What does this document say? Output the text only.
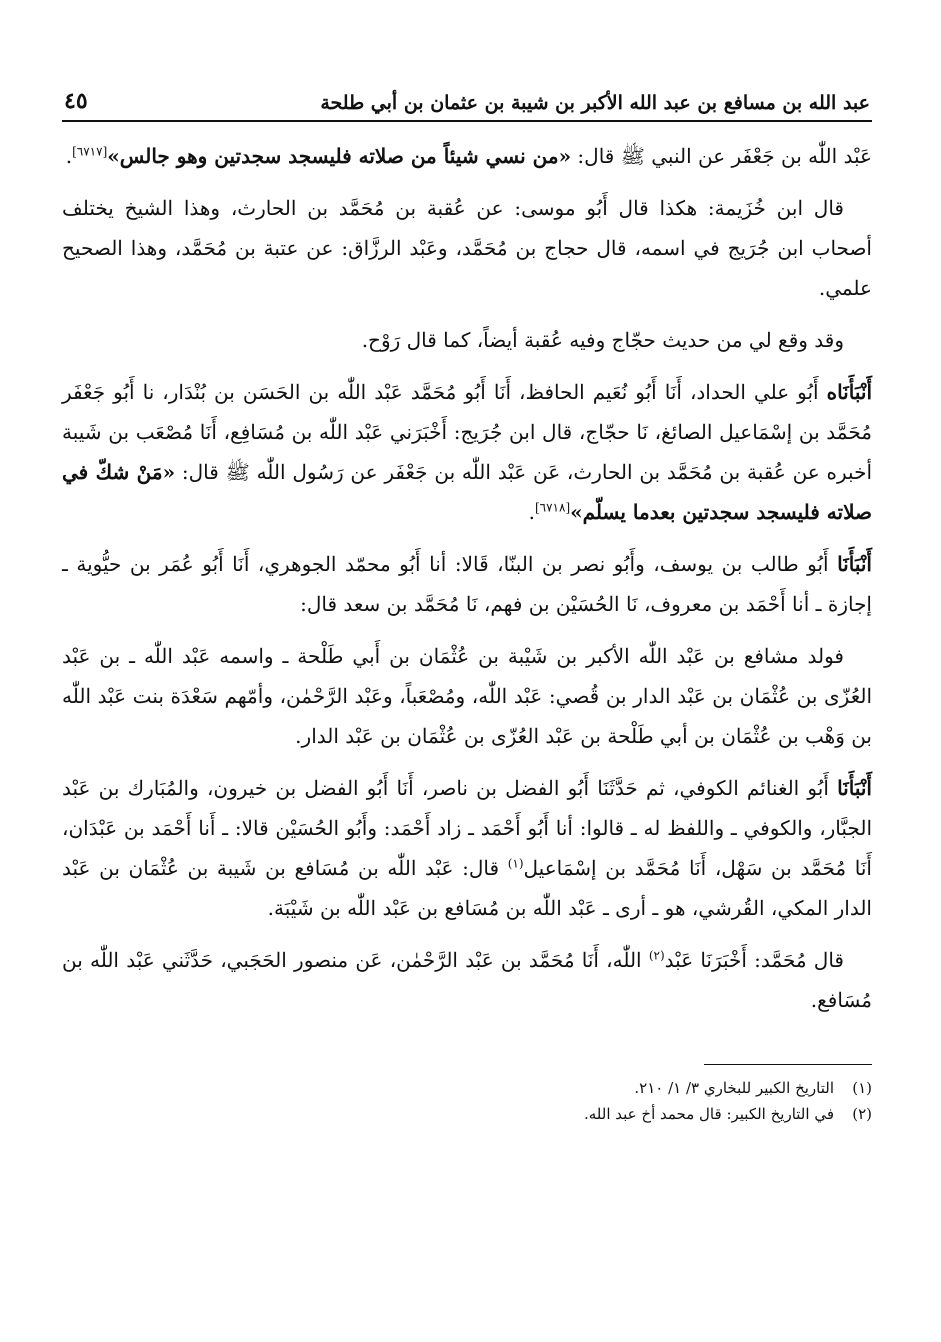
عبد الله بن مسافع بن عبد الله الأكبر بن شيبة بن عثمان بن أبي طلحة
٤٥

عَبْد اللّٰه بن جَعْفَر عن النبي ﷺ قال: «من نسي شيئاً من صلاته فليسجد سجدتين وهو جالس»[٦٧١٧].

قال ابن خُزَيمة: هكذا قال أَبُو موسى: عن عُقبة بن مُحَمَّد بن الحارث، وهذا الشيخ يختلف أصحاب ابن جُرَيج في اسمه، قال حجاج بن مُحَمَّد، وعَبْد الرزَّاق: عن عتبة بن مُحَمَّد، وهذا الصحيح علمي.

وقد وقع لي من حديث حجّاج وفيه عُقبة أيضاً، كما قال رَوْح.

أَنْبَأَنَاه أَبُو علي الحداد، أَنَا أَبُو نُعَيم الحافظ، أَنَا أَبُو مُحَمَّد عَبْد اللّٰه بن الحَسَن بن بُنْدَار، نا أَبُو جَعْفَر مُحَمَّد بن إسْمَاعيل الصائغ، نَا حجّاج، قال ابن جُرَيج: أَخْبَرَني عَبْد اللّٰه بن مُسَافِع، أَنَا مُصْعَب بن شَيبة أخبره عن عُقبة بن مُحَمَّد بن الحارث، عَن عَبْد اللّٰه بن جَعْفَر عن رَسُول اللّٰه ﷺ قال: «مَنْ شكّ في صلاته فليسجد سجدتين بعدما يسلّم»[٦٧١٨].

أَنْبَأَنَا أَبُو طالب بن يوسف، وأَبُو نصر بن البنّا، قَالا: أنا أَبُو محمّد الجوهري، أَنَا أَبُو عُمَر بن حيُّوية ـ إجازة ـ أنا أَحْمَد بن معروف، نَا الحُسَيْن بن فهم، نَا مُحَمَّد بن سعد قال:

فولد مشافع بن عَبْد اللّٰه الأكبر بن شَيْبة بن عُثْمَان بن أَبي طَلْحة ـ واسمه عَبْد اللّٰه ـ بن عَبْد العُزّى بن عُثْمَان بن عَبْد الدار بن قُصي: عَبْد اللّٰه، ومُصْعَباً، وعَبْد الرَّحْمٰن، وأمّهم سَعْدَة بنت عَبْد اللّٰه بن وَهْب بن عُثْمَان بن أبي طَلْحة بن عَبْد العُزّى بن عُثْمَان بن عَبْد الدار.

أَنْبَأَنَا أَبُو الغنائم الكوفي، ثم حَدَّثَنَا أَبُو الفضل بن ناصر، أَنَا أَبُو الفضل بن خيرون، والمُبَارك بن عَبْد الجبَّار، والكوفي ـ واللفظ له ـ قالوا: أنا أَبُو أَحْمَد ـ زاد أَحْمَد: وأَبُو الحُسَيْن قالا: ـ أَنا أَحْمَد بن عَبْدَان، أَنَا مُحَمَّد بن سَهْل، أَنَا مُحَمَّد بن إسْمَاعيل$^{(١)}$ قال: عَبْد اللّٰه بن مُسَافع بن شَيبة بن عُثْمَان بن عَبْد الدار المكي، القُرشي، هو ـ أرى ـ عَبْد اللّٰه بن مُسَافع بن عَبْد اللّٰه بن شَيْبَة.

قال مُحَمَّد: أَخْبَرَنَا عَبْد$^{(٢)}$ اللّٰه، أَنَا مُحَمَّد بن عَبْد الرَّحْمٰن، عَن منصور الحَجَبي، حَدَّثَني عَبْد اللّٰه بن مُسَافع.

(١)
التاريخ الكبير للبخاري ٣/ ١/ ٢١٠.
(٢)
في التاريخ الكبير: قال محمد أخ عبد الله.
